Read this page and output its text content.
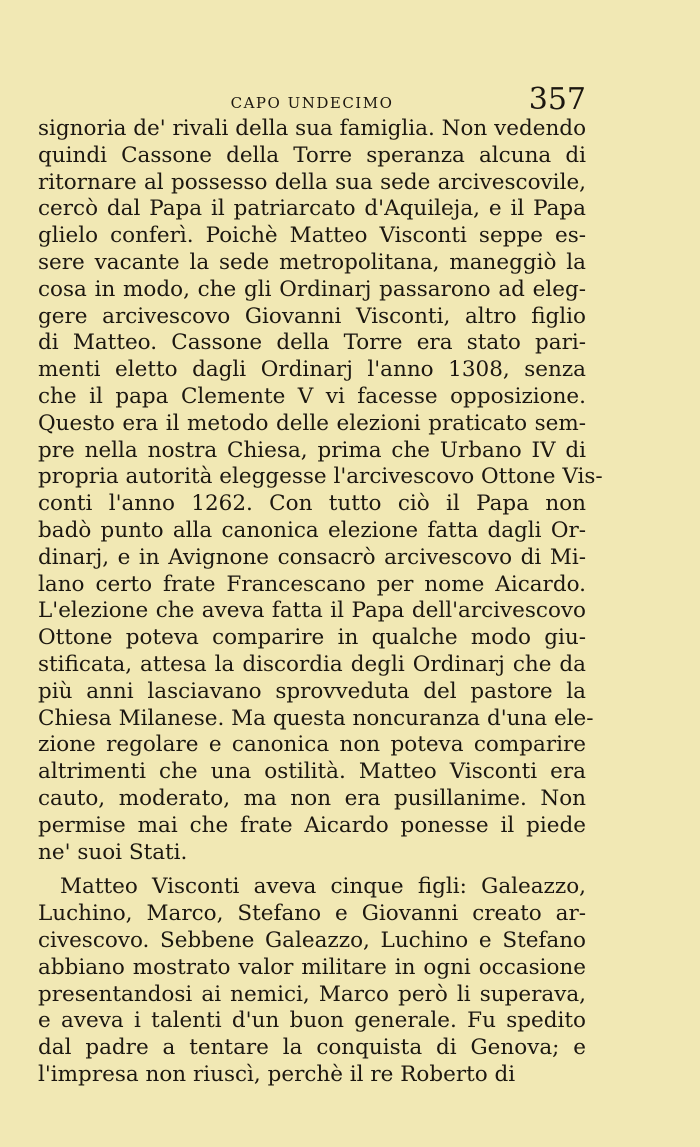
CAPO UNDECIMO	357
signoria de' rivali della sua famiglia. Non vedendo
quindi Cassone della Torre speranza alcuna di
ritornare al possesso della sua sede arcivescovile,
cercò dal Papa il patriarcato d'Aquileja, e il Papa
glielo conferì. Poichè Matteo Visconti seppe es-
sere vacante la sede metropolitana, maneggiò la
cosa in modo, che gli Ordinarj passarono ad eleg-
gere arcivescovo Giovanni Visconti, altro figlio
di Matteo. Cassone della Torre era stato pari-
menti eletto dagli Ordinarj l'anno 1308, senza
che il papa Clemente V vi facesse opposizione.
Questo era il metodo delle elezioni praticato sem-
pre nella nostra Chiesa, prima che Urbano IV di
propria autorità eleggesse l'arcivescovo Ottone Vis-
conti l'anno 1262. Con tutto ciò il Papa non
badò punto alla canonica elezione fatta dagli Or-
dinarj, e in Avignone consacrò arcivescovo di Mi-
lano certo frate Francescano per nome Aicardo.
L'elezione che aveva fatta il Papa dell'arcivescovo
Ottone poteva comparire in qualche modo giu-
stificata, attesa la discordia degli Ordinarj che da
più anni lasciavano sprovveduta del pastore la
Chiesa Milanese. Ma questa noncuranza d'una ele-
zione regolare e canonica non poteva comparire
altrimenti che una ostilità. Matteo Visconti era
cauto, moderato, ma non era pusillanime. Non
permise mai che frate Aicardo ponesse il piede
ne' suoi Stati.
Matteo Visconti aveva cinque figli: Galeazzo,
Luchino, Marco, Stefano e Giovanni creato ar-
civescovo. Sebbene Galeazzo, Luchino e Stefano
abbiano mostrato valor militare in ogni occasione
presentandosi ai nemici, Marco però li superava,
e aveva i talenti d'un buon generale. Fu spedito
dal padre a tentare la conquista di Genova; e
l'impresa non riuscì, perchè il re Roberto di
